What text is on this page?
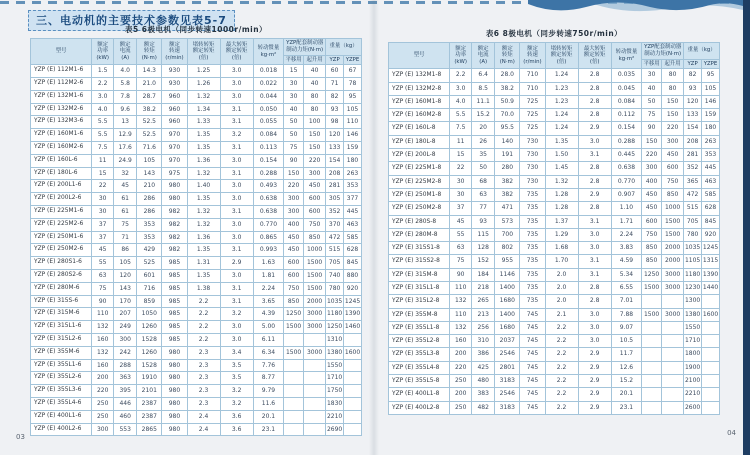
三、电动机的主要技术参数见表5-7
表5 6极电机（同步转速1000r/min）
型号	额定
功率
(kW)	额定
电流
(A)	额定
转矩
(N·m)	额定
转速
(r/min)	堵转转矩
额定转矩
(倍)	最大转矩
额定转矩
(倍)	转动惯量
kg·m²	YZP配套制动器
制动力矩(N·m)		重量（kg）	
								平移用	起升用	YZP	YZPE
YZP (E) 112M1-6	1.5	4.0	14.3	930	1.25	3.0	0.018	15	40	60	67
YZP (E) 112M2-6	2.2	5.8	21.0	930	1.26	3.0	0.022	30	40	71	78
YZP (E) 132M1-6	3.0	7.8	28.7	960	1.32	3.0	0.044	30	80	82	95
YZP (E) 132M2-6	4.0	9.6	38.2	960	1.34	3.1	0.050	40	80	93	105
YZP (E) 132M3-6	5.5	13	52.5	960	1.33	3.1	0.055	50	100	98	110
YZP (E) 160M1-6	5.5	12.9	52.5	970	1.35	3.2	0.084	50	150	120	146
YZP (E) 160M2-6	7.5	17.6	71.6	970	1.35	3.1	0.113	75	150	133	159
YZP (E) 160L-6	11	24.9	105	970	1.36	3.0	0.154	90	220	154	180
YZP (E) 180L-6	15	32	143	975	1.32	3.1	0.288	150	300	208	263
YZP (E) 200L1-6	22	45	210	980	1.40	3.0	0.493	220	450	281	353
YZP (E) 200L2-6	30	61	286	980	1.35	3.0	0.638	300	600	305	377
YZP (E) 225M1-6	30	61	286	982	1.32	3.1	0.638	300	600	352	445
YZP (E) 225M2-6	37	75	353	982	1.32	3.0	0.770	400	750	370	463
YZP (E) 250M1-6	37	71	353	982	1.36	3.0	0.865	450	850	472	585
YZP (E) 250M2-6	45	86	429	982	1.35	3.1	0.993	450	1000	515	628
YZP (E) 280S1-6	55	105	525	985	1.31	2.9	1.63	600	1500	705	845
YZP (E) 280S2-6	63	120	601	985	1.35	3.0	1.81	600	1500	740	880
YZP (E) 280M-6	75	143	716	985	1.38	3.1	2.24	750	1500	780	920
YZP (E) 315S-6	90	170	859	985	2.2	3.1	3.65	850	2000	1035	1245
YZP (E) 315M-6	110	207	1050	985	2.2	3.2	4.39	1250	3000	1180	1390
YZP (E) 315L1-6	132	249	1260	985	2.2	3.0	5.00	1500	3000	1250	1460
YZP (E) 315L2-6	160	300	1528	985	2.2	3.0	6.11			1310	
YZP (E) 355M-6	132	242	1260	980	2.3	3.4	6.34	1500	3000	1380	1600
YZP (E) 355L1-6	160	288	1528	980	2.3	3.5	7.76			1550	
YZP (E) 355L2-6	200	363	1910	980	2.3	3.5	8.77			1710	
YZP (E) 355L3-6	220	395	2101	980	2.3	3.2	9.79			1750	
YZP (E) 355L4-6	250	446	2387	980	2.3	3.2	11.6			1830	
YZP (E) 400L1-6	250	460	2387	980	2.4	3.6	20.1			2210	
YZP (E) 400L2-6	300	553	2865	980	2.4	3.6	23.1			2690	
表6 8极电机（同步转速750r/min）
型号	额定
功率
(kW)	额定
电流
(A)	额定
转矩
(N·m)	额定
转速
(r/min)	堵转转矩
额定转矩
(倍)	最大转矩
额定转矩
(倍)	转动惯量
kg·m²	YZP配套制动器
制动力矩(N·m)		重量（kg）	
								平移用	起升用	YZP	YZPE
YZP (E) 132M1-8	2.2	6.4	28.0	710	1.24	2.8	0.035	30	80	82	95
YZP (E) 132M2-8	3.0	8.5	38.2	710	1.23	2.8	0.045	40	80	93	105
YZP (E) 160M1-8	4.0	11.1	50.9	725	1.23	2.8	0.084	50	150	120	146
YZP (E) 160M2-8	5.5	15.2	70.0	725	1.24	2.8	0.112	75	150	133	159
YZP (E) 160L-8	7.5	20	95.5	725	1.24	2.9	0.154	90	220	154	180
YZP (E) 180L-8	11	26	140	730	1.35	3.0	0.288	150	300	208	263
YZP (E) 200L-8	15	35	191	730	1.50	3.1	0.445	220	450	281	353
YZP (E) 225M1-8	22	50	280	730	1.45	2.8	0.638	300	600	352	445
YZP (E) 225M2-8	30	68	382	730	1.32	2.8	0.770	400	750	365	463
YZP (E) 250M1-8	30	63	382	735	1.28	2.9	0.907	450	850	472	585
YZP (E) 250M2-8	37	77	471	735	1.28	2.8	1.10	450	1000	515	628
YZP (E) 280S-8	45	93	573	735	1.37	3.1	1.71	600	1500	705	845
YZP (E) 280M-8	55	115	700	735	1.29	3.0	2.24	750	1500	780	920
YZP (E) 315S1-8	63	128	802	735	1.68	3.0	3.83	850	2000	1035	1245
YZP (E) 315S2-8	75	152	955	735	1.70	3.1	4.59	850	2000	1105	1315
YZP (E) 315M-8	90	184	1146	735	2.0	3.1	5.34	1250	3000	1180	1390
YZP (E) 315L1-8	110	218	1400	735	2.0	2.8	6.55	1500	3000	1230	1440
YZP (E) 315L2-8	132	265	1680	735	2.0	2.8	7.01			1300	
YZP (E) 355M-8	110	213	1400	745	2.1	3.0	7.88	1500	3000	1380	1600
YZP (E) 355L1-8	132	256	1680	745	2.2	3.0	9.07			1550	
YZP (E) 355L2-8	160	310	2037	745	2.2	3.0	10.5			1710	
YZP (E) 355L3-8	200	386	2546	745	2.2	2.9	11.7			1800	
YZP (E) 355L4-8	220	425	2801	745	2.2	2.9	12.6			1900	
YZP (E) 355L5-8	250	480	3183	745	2.2	2.9	15.2			2100	
YZP (E) 400L1-8	200	383	2546	745	2.2	2.9	20.1			2210	
YZP (E) 400L2-8	250	482	3183	745	2.2	2.9	23.1			2600	
03	04
